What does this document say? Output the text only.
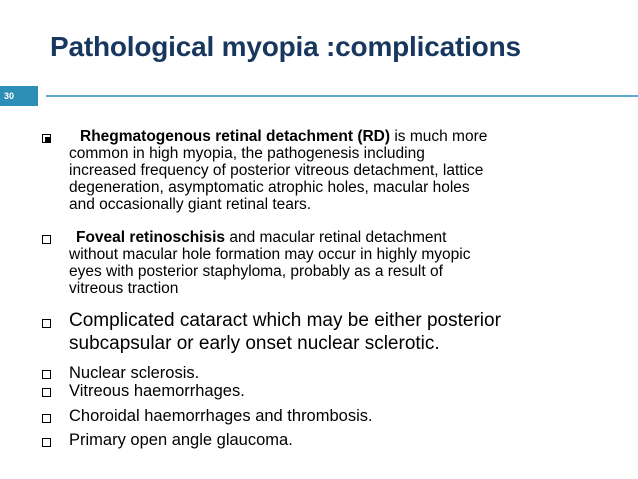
Pathological myopia :complications
30
Rhegmatogenous retinal detachment (RD) is much more
common in high myopia, the pathogenesis including
increased frequency of posterior vitreous detachment, lattice
degeneration, asymptomatic atrophic holes, macular holes
and occasionally giant retinal tears.
Foveal retinoschisis and macular retinal detachment
without macular hole formation may occur in highly myopic
eyes with posterior staphyloma, probably as a result of
vitreous traction
Complicated cataract which may be either posterior
subcapsular or early onset nuclear sclerotic.
Nuclear sclerosis.
Vitreous haemorrhages.
Choroidal haemorrhages and thrombosis.
Primary open angle glaucoma.
